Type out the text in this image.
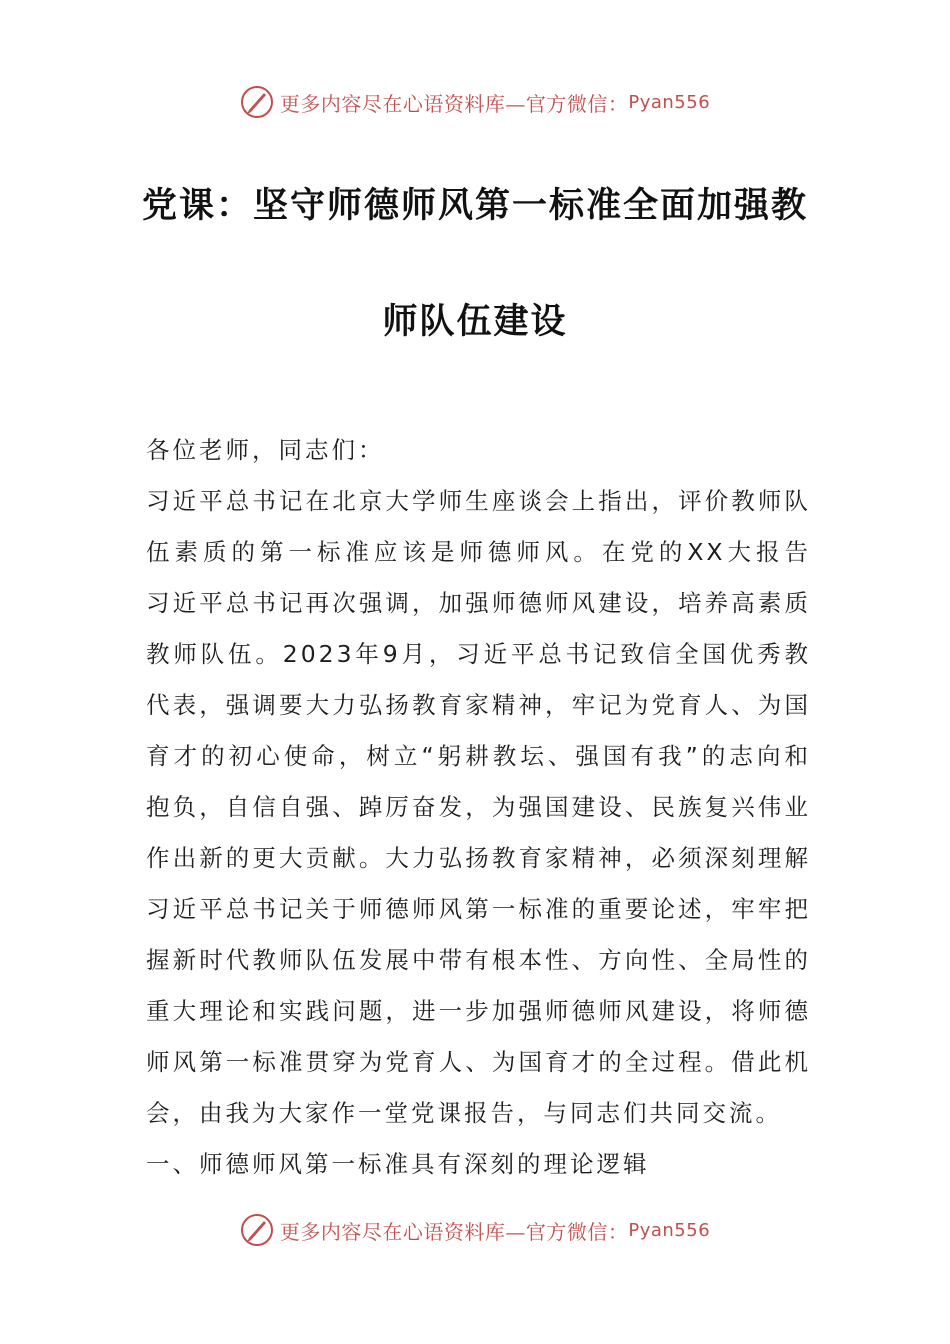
更多内容尽在心语资料库—官方微信： Pyan556
党课：坚守师德师风第一标准全面加强教
师队伍建设
各位老师，同志们：
习近平总书记在北京大学师生座谈会上指出，评价教师队
伍素质的第一标准应该是师德师风。在党的XX大报告
习近平总书记再次强调，加强师德师风建设，培养高素质
教师队伍。2023年9月，习近平总书记致信全国优秀教
代表，强调要大力弘扬教育家精神，牢记为党育人、为国
育才的初心使命，树立“躬耕教坛、强国有我”的志向和
抱负，自信自强、踔厉奋发，为强国建设、民族复兴伟业
作出新的更大贡献。大力弘扬教育家精神，必须深刻理解
习近平总书记关于师德师风第一标准的重要论述，牢牢把
握新时代教师队伍发展中带有根本性、方向性、全局性的
重大理论和实践问题，进一步加强师德师风建设，将师德
师风第一标准贯穿为党育人、为国育才的全过程。借此机
会，由我为大家作一堂党课报告，与同志们共同交流。
一、师德师风第一标准具有深刻的理论逻辑
更多内容尽在心语资料库—官方微信： Pyan556
